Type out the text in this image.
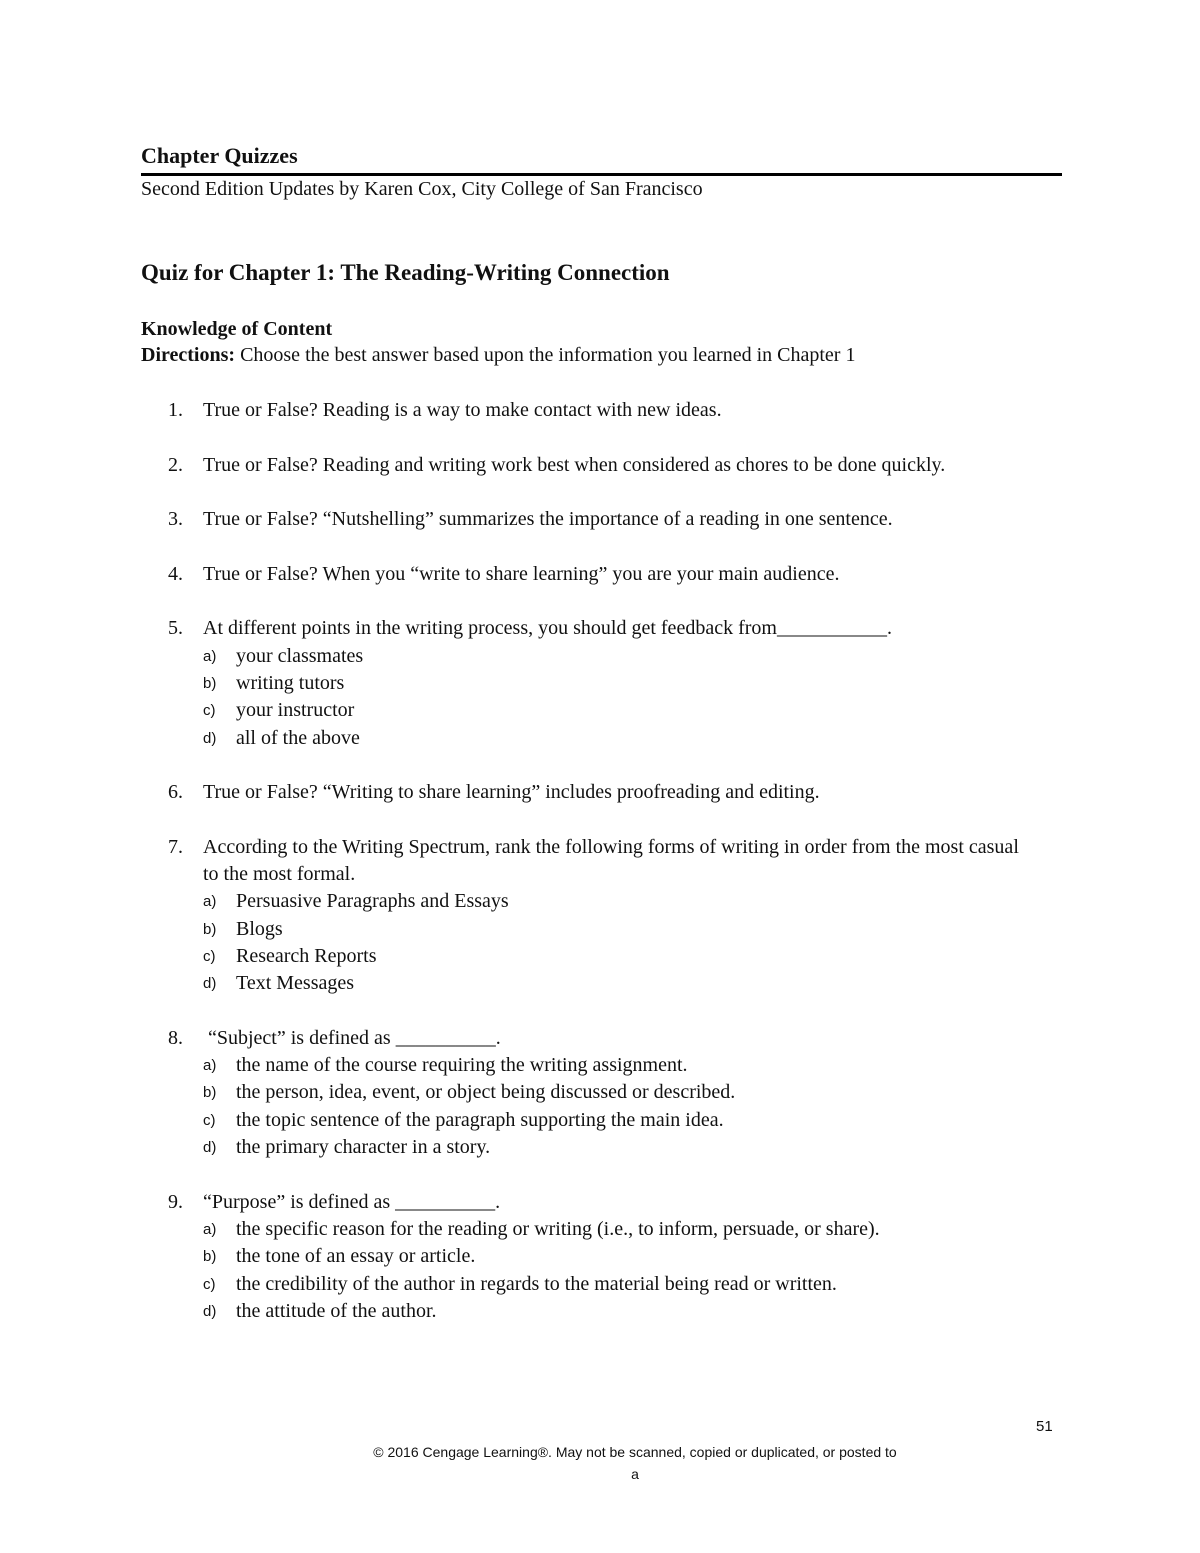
Chapter Quizzes
Second Edition Updates by Karen Cox, City College of San Francisco
Quiz for Chapter 1: The Reading-Writing Connection
Knowledge of Content
Directions: Choose the best answer based upon the information you learned in Chapter 1
1. True or False? Reading is a way to make contact with new ideas.
2. True or False? Reading and writing work best when considered as chores to be done quickly.
3. True or False? “Nutshelling” summarizes the importance of a reading in one sentence.
4. True or False? When you “write to share learning” you are your main audience.
5. At different points in the writing process, you should get feedback from___________.
a) your classmates
b) writing tutors
c) your instructor
d) all of the above
6. True or False? “Writing to share learning” includes proofreading and editing.
7. According to the Writing Spectrum, rank the following forms of writing in order from the most casual to the most formal.
a) Persuasive Paragraphs and Essays
b) Blogs
c) Research Reports
d) Text Messages
8. “Subject” is defined as __________.
a) the name of the course requiring the writing assignment.
b) the person, idea, event, or object being discussed or described.
c) the topic sentence of the paragraph supporting the main idea.
d) the primary character in a story.
9. “Purpose” is defined as __________.
a) the specific reason for the reading or writing (i.e., to inform, persuade, or share).
b) the tone of an essay or article.
c) the credibility of the author in regards to the material being read or written.
d) the attitude of the author.
51
© 2016 Cengage Learning®. May not be scanned, copied or duplicated, or posted to
a
